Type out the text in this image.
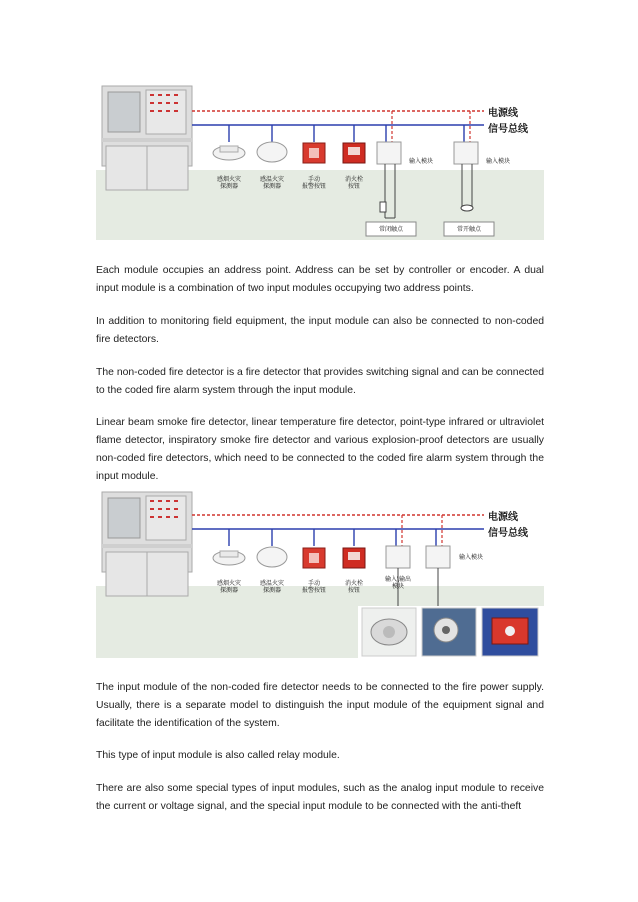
电源线
信号总线
感烟火灾
探测器
感温火灾
探测器
手动
报警按钮
消火栓
按钮
输入模块	输入模块
常闭触点	常开触点

Each module occupies an address point. Address can be set by controller or encoder. A dual input module is a combination of two input modules occupying two address points.

In addition to monitoring field equipment, the input module can also be connected to non-coded fire detectors.

The non-coded fire detector is a fire detector that provides switching signal and can be connected to the coded fire alarm system through the input module.

Linear beam smoke fire detector, linear temperature fire detector, point-type infrared or ultraviolet flame detector, inspiratory smoke fire detector and various explosion-proof detectors are usually non-coded fire detectors, which need to be connected to the coded fire alarm system through the input module.

电源线
信号总线
感烟火灾
探测器
感温火灾
探测器
手动
报警按钮
消火栓
按钮
输入\输出
模块
输入模块

The input module of the non-coded fire detector needs to be connected to the fire power supply. Usually, there is a separate model to distinguish the input module of the equipment signal and facilitate the identification of the system.

This type of input module is also called relay module.

There are also some special types of input modules, such as the analog input module to receive the current or voltage signal, and the special input module to be connected with the anti-theft
